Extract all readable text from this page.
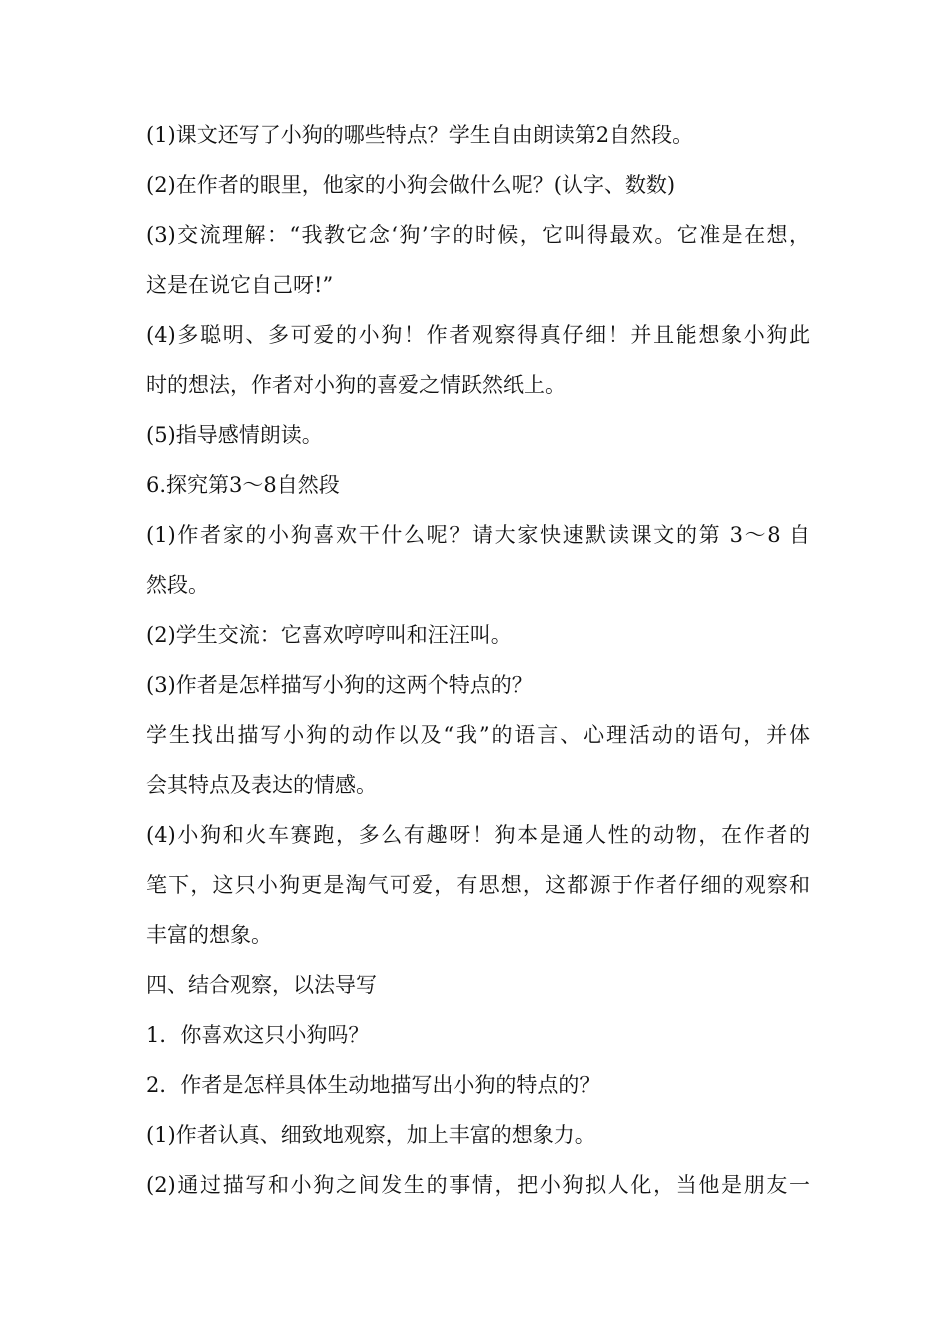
(1)课文还写了小狗的哪些特点？学生自由朗读第2自然段。
(2)在作者的眼里，他家的小狗会做什么呢？(认字、数数)
(3)交流理解：“我教它念‘狗’字的时候，它叫得最欢。它准是在想，
这是在说它自己呀!”
(4)多聪明、多可爱的小狗！作者观察得真仔细！并且能想象小狗此
时的想法，作者对小狗的喜爱之情跃然纸上。
(5)指导感情朗读。
6.探究第3～8自然段
(1)作者家的小狗喜欢干什么呢？请大家快速默读课文的第 3～8 自
然段。
(2)学生交流：它喜欢哼哼叫和汪汪叫。
(3)作者是怎样描写小狗的这两个特点的？
学生找出描写小狗的动作以及“我”的语言、心理活动的语句，并体
会其特点及表达的情感。
(4)小狗和火车赛跑，多么有趣呀！狗本是通人性的动物，在作者的
笔下，这只小狗更是淘气可爱，有思想，这都源于作者仔细的观察和
丰富的想象。
四、结合观察，以法导写
1．你喜欢这只小狗吗？
2．作者是怎样具体生动地描写出小狗的特点的？
(1)作者认真、细致地观察，加上丰富的想象力。
(2)通过描写和小狗之间发生的事情，把小狗拟人化，当他是朋友一
